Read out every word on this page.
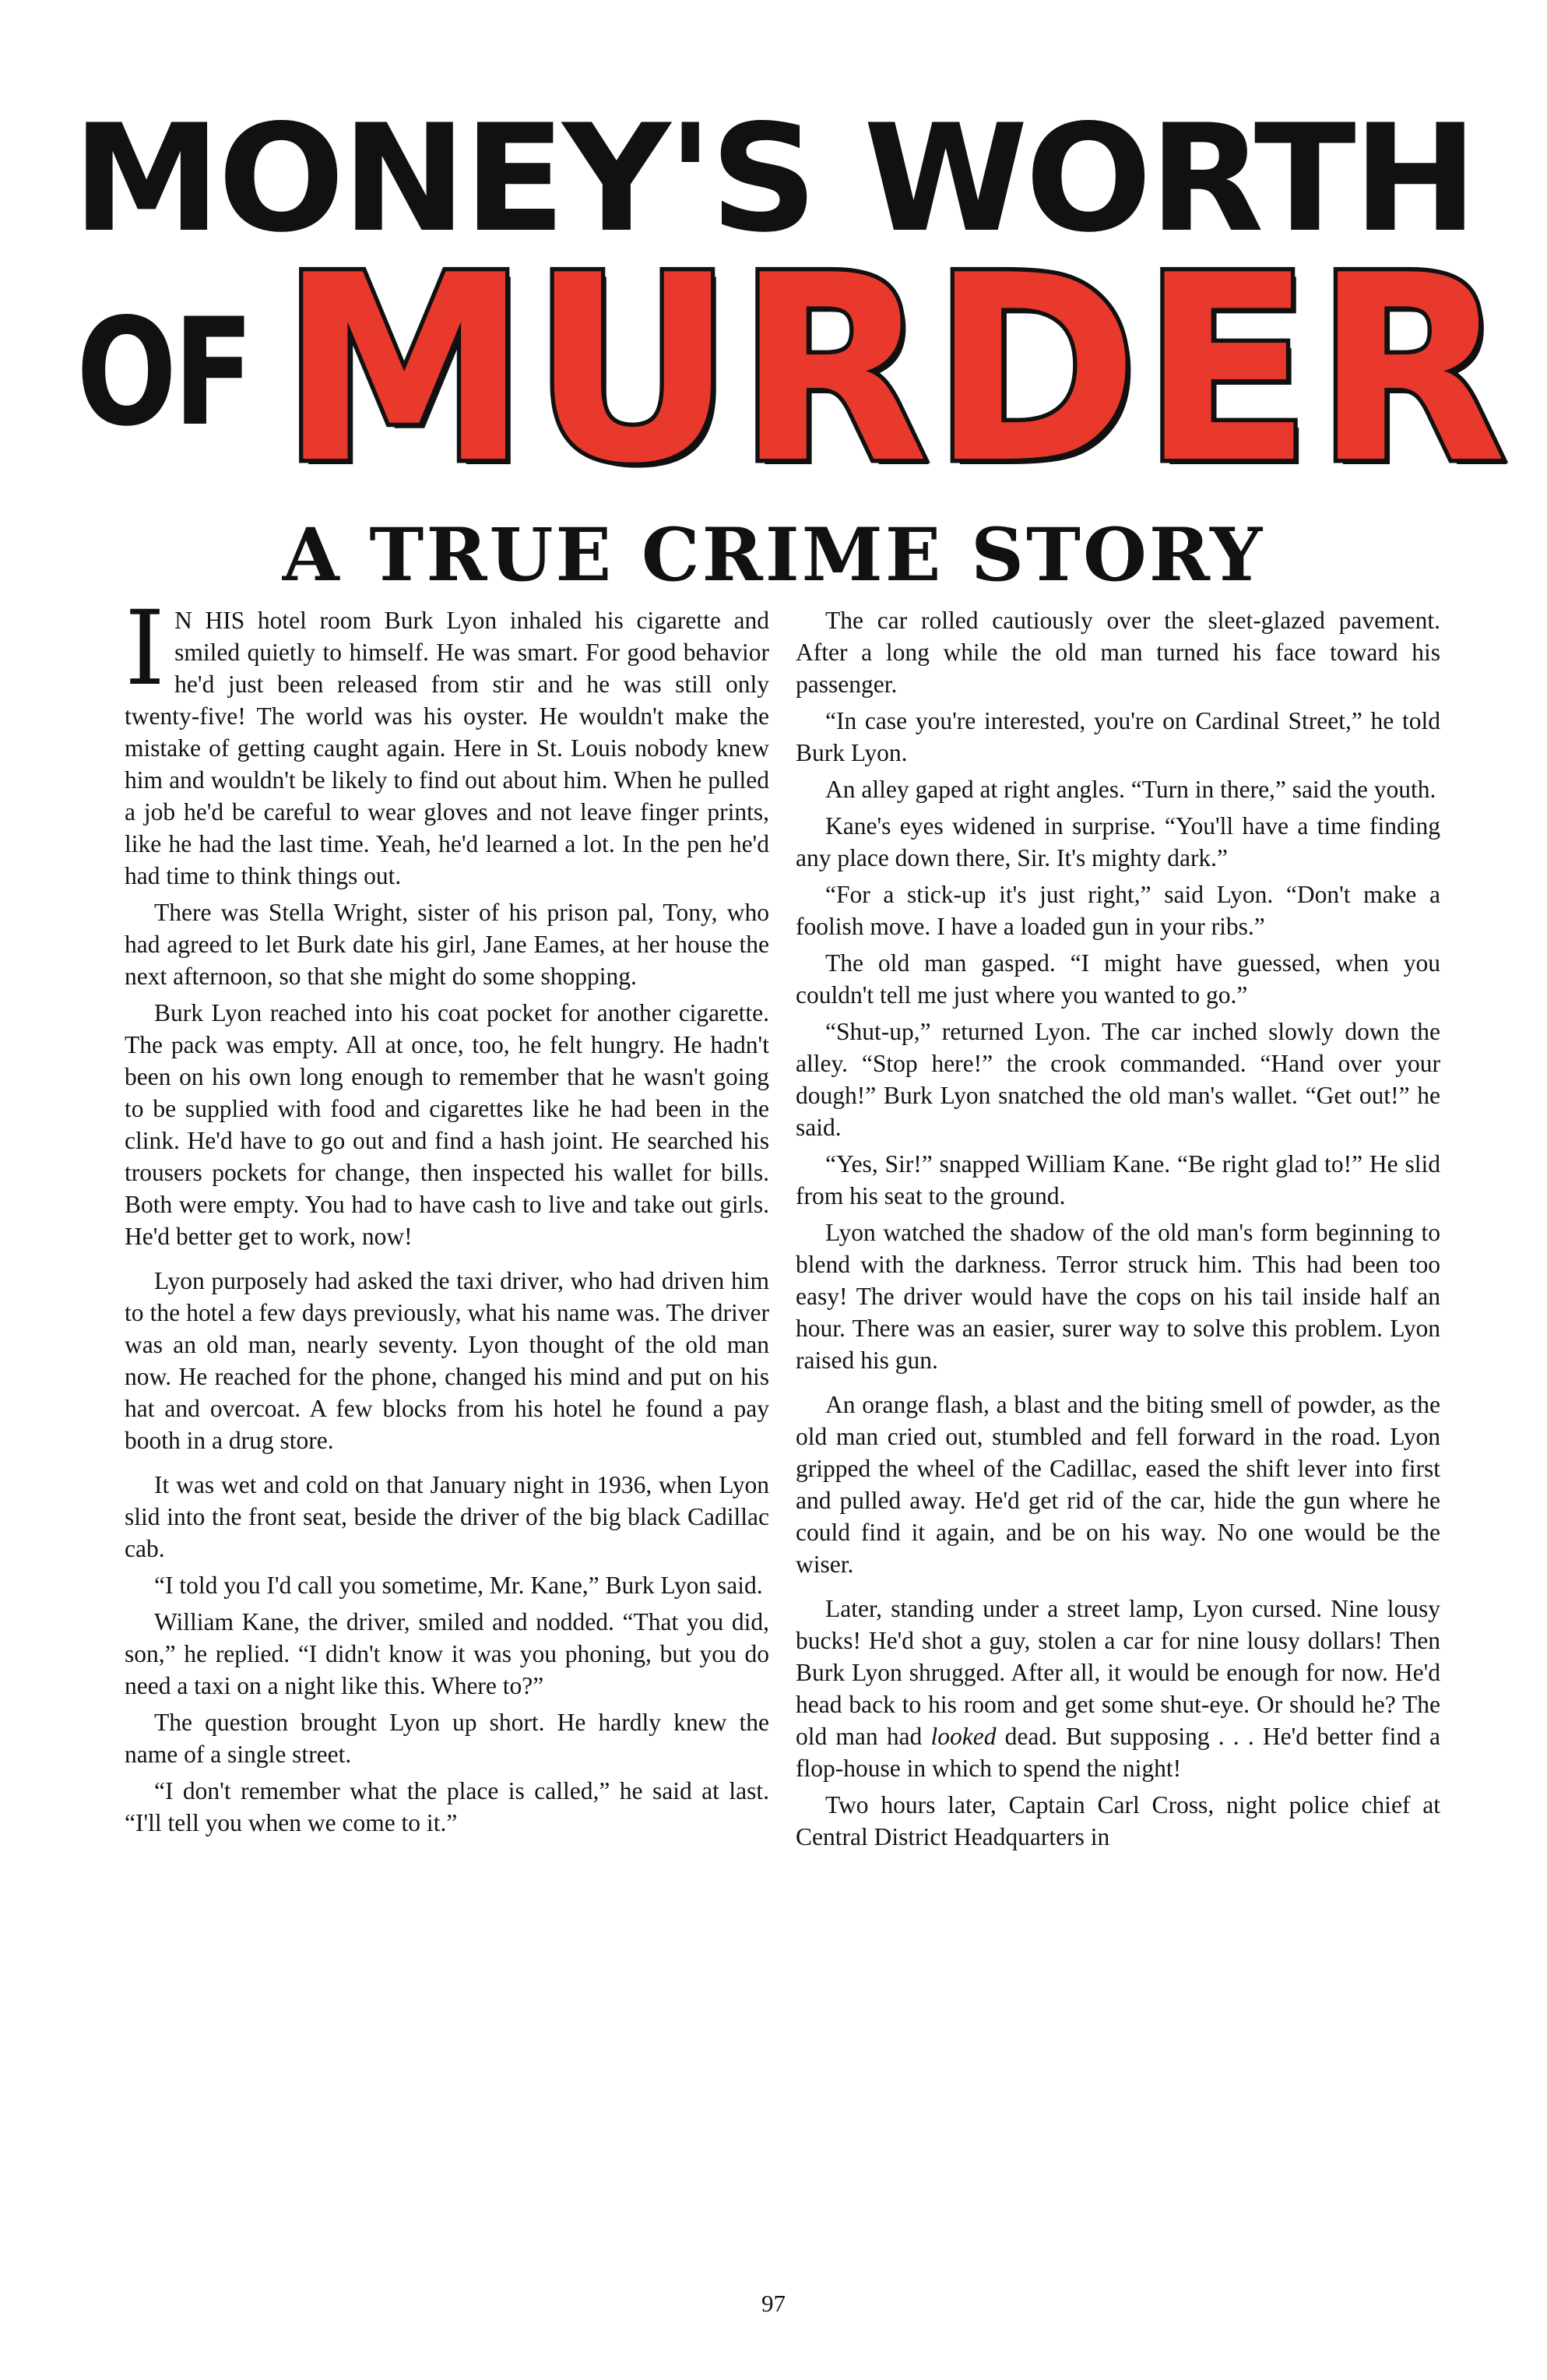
MONEY'S WORTH
OF MURDER
A TRUE CRIME STORY

I N HIS hotel room Burk Lyon inhaled his cigarette and smiled quietly to himself. He was smart. For good behavior he'd just been released from stir and he was still only twenty-five! The world was his oyster. He wouldn't make the mistake of getting caught again. Here in St. Louis nobody knew him and wouldn't be likely to find out about him. When he pulled a job he'd be careful to wear gloves and not leave finger prints, like he had the last time. Yeah, he'd learned a lot. In the pen he'd had time to think things out.

There was Stella Wright, sister of his prison pal, Tony, who had agreed to let Burk date his girl, Jane Eames, at her house the next afternoon, so that she might do some shopping.

Burk Lyon reached into his coat pocket for another cigarette. The pack was empty. All at once, too, he felt hungry. He hadn't been on his own long enough to remember that he wasn't going to be supplied with food and cigarettes like he had been in the clink. He'd have to go out and find a hash joint. He searched his trousers pockets for change, then inspected his wallet for bills. Both were empty. You had to have cash to live and take out girls. He'd better get to work, now!

Lyon purposely had asked the taxi driver, who had driven him to the hotel a few days previously, what his name was. The driver was an old man, nearly seventy. Lyon thought of the old man now. He reached for the phone, changed his mind and put on his hat and overcoat. A few blocks from his hotel he found a pay booth in a drug store.

It was wet and cold on that January night in 1936, when Lyon slid into the front seat, beside the driver of the big black Cadillac cab.

“I told you I'd call you sometime, Mr. Kane,” Burk Lyon said.

William Kane, the driver, smiled and nodded. “That you did, son,” he replied. “I didn't know it was you phoning, but you do need a taxi on a night like this. Where to?”

The question brought Lyon up short. He hardly knew the name of a single street.

“I don't remember what the place is called,” he said at last. “I'll tell you when we come to it.”

The car rolled cautiously over the sleet-glazed pavement. After a long while the old man turned his face toward his passenger.

“In case you're interested, you're on Cardinal Street,” he told Burk Lyon.

An alley gaped at right angles. “Turn in there,” said the youth.

Kane's eyes widened in surprise. “You'll have a time finding any place down there, Sir. It's mighty dark.”

“For a stick-up it's just right,” said Lyon. “Don't make a foolish move. I have a loaded gun in your ribs.”

The old man gasped. “I might have guessed, when you couldn't tell me just where you wanted to go.”

“Shut-up,” returned Lyon. The car inched slowly down the alley. “Stop here!” the crook commanded. “Hand over your dough!” Burk Lyon snatched the old man's wallet. “Get out!” he said.

“Yes, Sir!” snapped William Kane. “Be right glad to!” He slid from his seat to the ground.

Lyon watched the shadow of the old man's form beginning to blend with the darkness. Terror struck him. This had been too easy! The driver would have the cops on his tail inside half an hour. There was an easier, surer way to solve this problem. Lyon raised his gun.

An orange flash, a blast and the biting smell of powder, as the old man cried out, stumbled and fell forward in the road. Lyon gripped the wheel of the Cadillac, eased the shift lever into first and pulled away. He'd get rid of the car, hide the gun where he could find it again, and be on his way. No one would be the wiser.

Later, standing under a street lamp, Lyon cursed. Nine lousy bucks! He'd shot a guy, stolen a car for nine lousy dollars! Then Burk Lyon shrugged. After all, it would be enough for now. He'd head back to his room and get some shut-eye. Or should he? The old man had looked dead. But supposing . . . He'd better find a flop-house in which to spend the night!

Two hours later, Captain Carl Cross, night police chief at Central District Headquarters in

97
